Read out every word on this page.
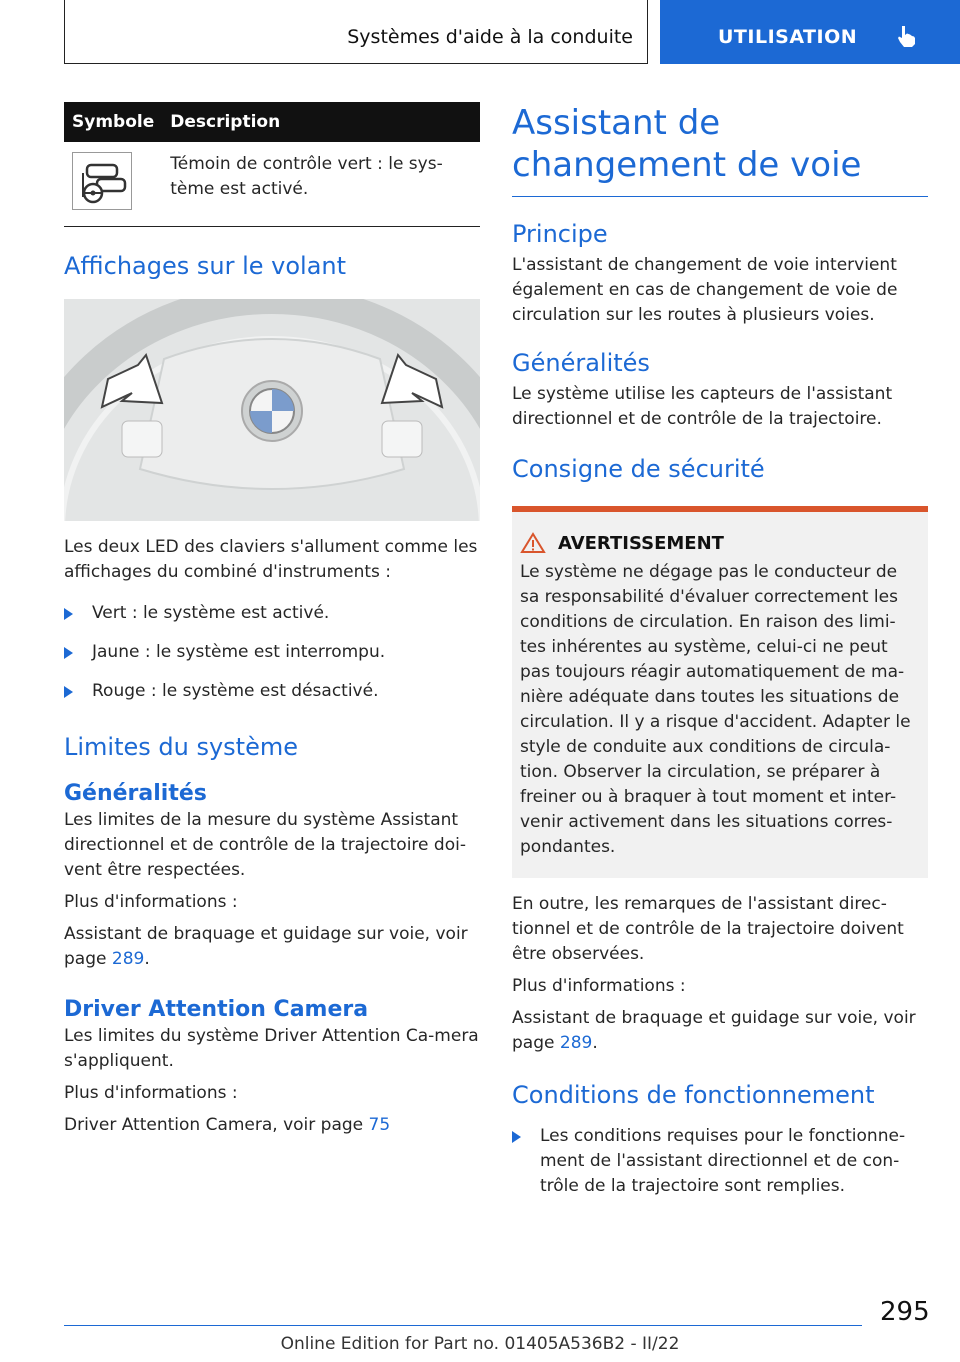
Systèmes d'aide à la conduite	UTILISATION
Symbole	Description

Témoin de contrôle vert : le sys-tème est activé.

Affichages sur le volant

Les deux LED des claviers s'allument comme les affichages du combiné d'instruments :

Vert : le système est activé.
Jaune : le système est interrompu.
Rouge : le système est désactivé.
Limites du système
Généralités

Les limites de la mesure du système Assistant directionnel et de contrôle de la trajectoire doi-vent être respectées.

Plus d'informations :

Assistant de braquage et guidage sur voie, voir page 289.

Driver Attention Camera

Les limites du système Driver Attention Ca-mera s'appliquent.

Plus d'informations :

Driver Attention Camera, voir page 75

Assistant de changement de voie
Principe

L'assistant de changement de voie intervient également en cas de changement de voie de circulation sur les routes à plusieurs voies.

Généralités

Le système utilise les capteurs de l'assistant directionnel et de contrôle de la trajectoire.

Consigne de sécurité
AVERTISSEMENT

Le système ne dégage pas le conducteur de sa responsabilité d'évaluer correctement les conditions de circulation. En raison des limi-tes inhérentes au système, celui-ci ne peut pas toujours réagir automatiquement de ma-nière adéquate dans toutes les situations de circulation. Il y a risque d'accident. Adapter le style de conduite aux conditions de circula-tion. Observer la circulation, se préparer à freiner ou à braquer à tout moment et inter-venir activement dans les situations corres-pondantes.

En outre, les remarques de l'assistant direc-tionnel et de contrôle de la trajectoire doivent être observées.

Plus d'informations :

Assistant de braquage et guidage sur voie, voir page 289.

Conditions de fonctionnement
Les conditions requises pour le fonctionne-ment de l'assistant directionnel et de con-trôle de la trajectoire sont remplies.
295
Online Edition for Part no. 01405A536B2 - II/22
